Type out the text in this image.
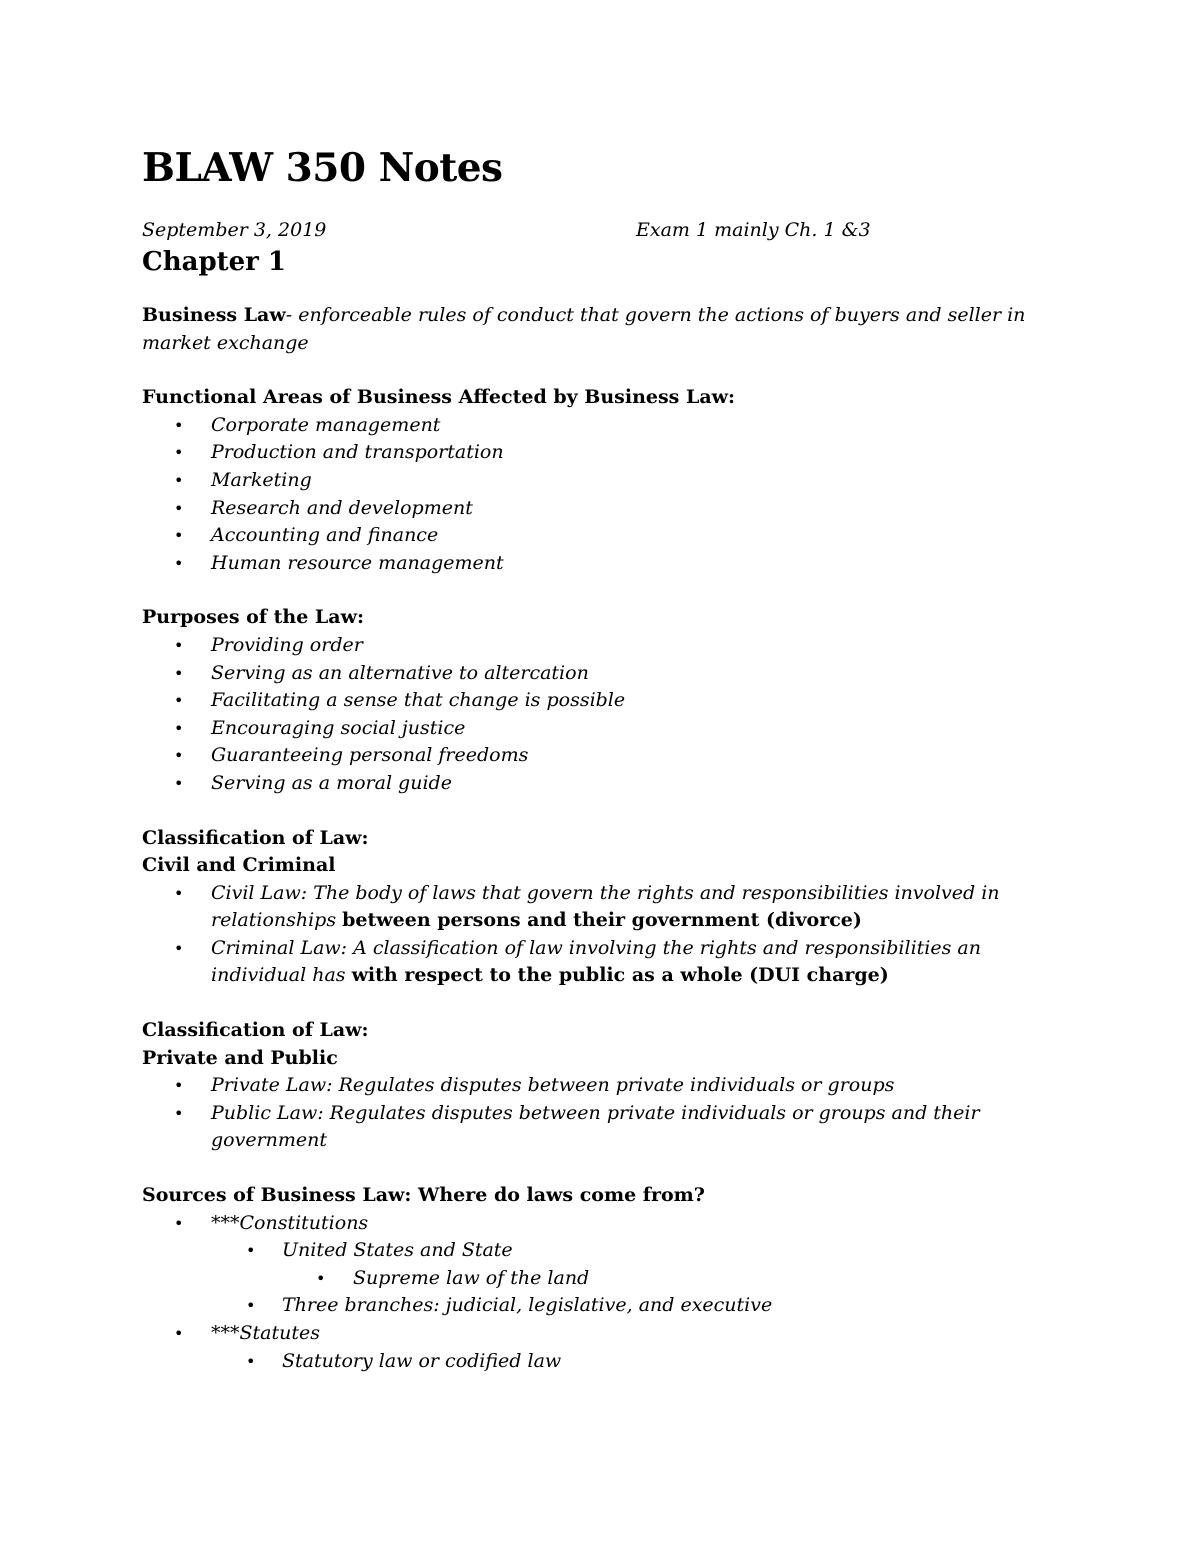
BLAW 350 Notes
September 3, 2019	Exam 1 mainly Ch. 1 &3
Chapter 1

Business Law- enforceable rules of conduct that govern the actions of buyers and seller in market exchange

Functional Areas of Business Affected by Business Law:

• Corporate management
• Production and transportation
• Marketing
• Research and development
• Accounting and finance
• Human resource management

Purposes of the Law:

• Providing order
• Serving as an alternative to altercation
• Facilitating a sense that change is possible
• Encouraging social justice
• Guaranteeing personal freedoms
• Serving as a moral guide

Classification of Law:

Civil and Criminal

• Civil Law: The body of laws that govern the rights and responsibilities involved in relationships between persons and their government (divorce)
• Criminal Law: A classification of law involving the rights and responsibilities an individual has with respect to the public as a whole (DUI charge)

Classification of Law:

Private and Public

• Private Law: Regulates disputes between private individuals or groups
• Public Law: Regulates disputes between private individuals or groups and their government

Sources of Business Law: Where do laws come from?

• ***Constitutions
• United States and State
• Supreme law of the land
• Three branches: judicial, legislative, and executive
• ***Statutes
• Statutory law or codified law
